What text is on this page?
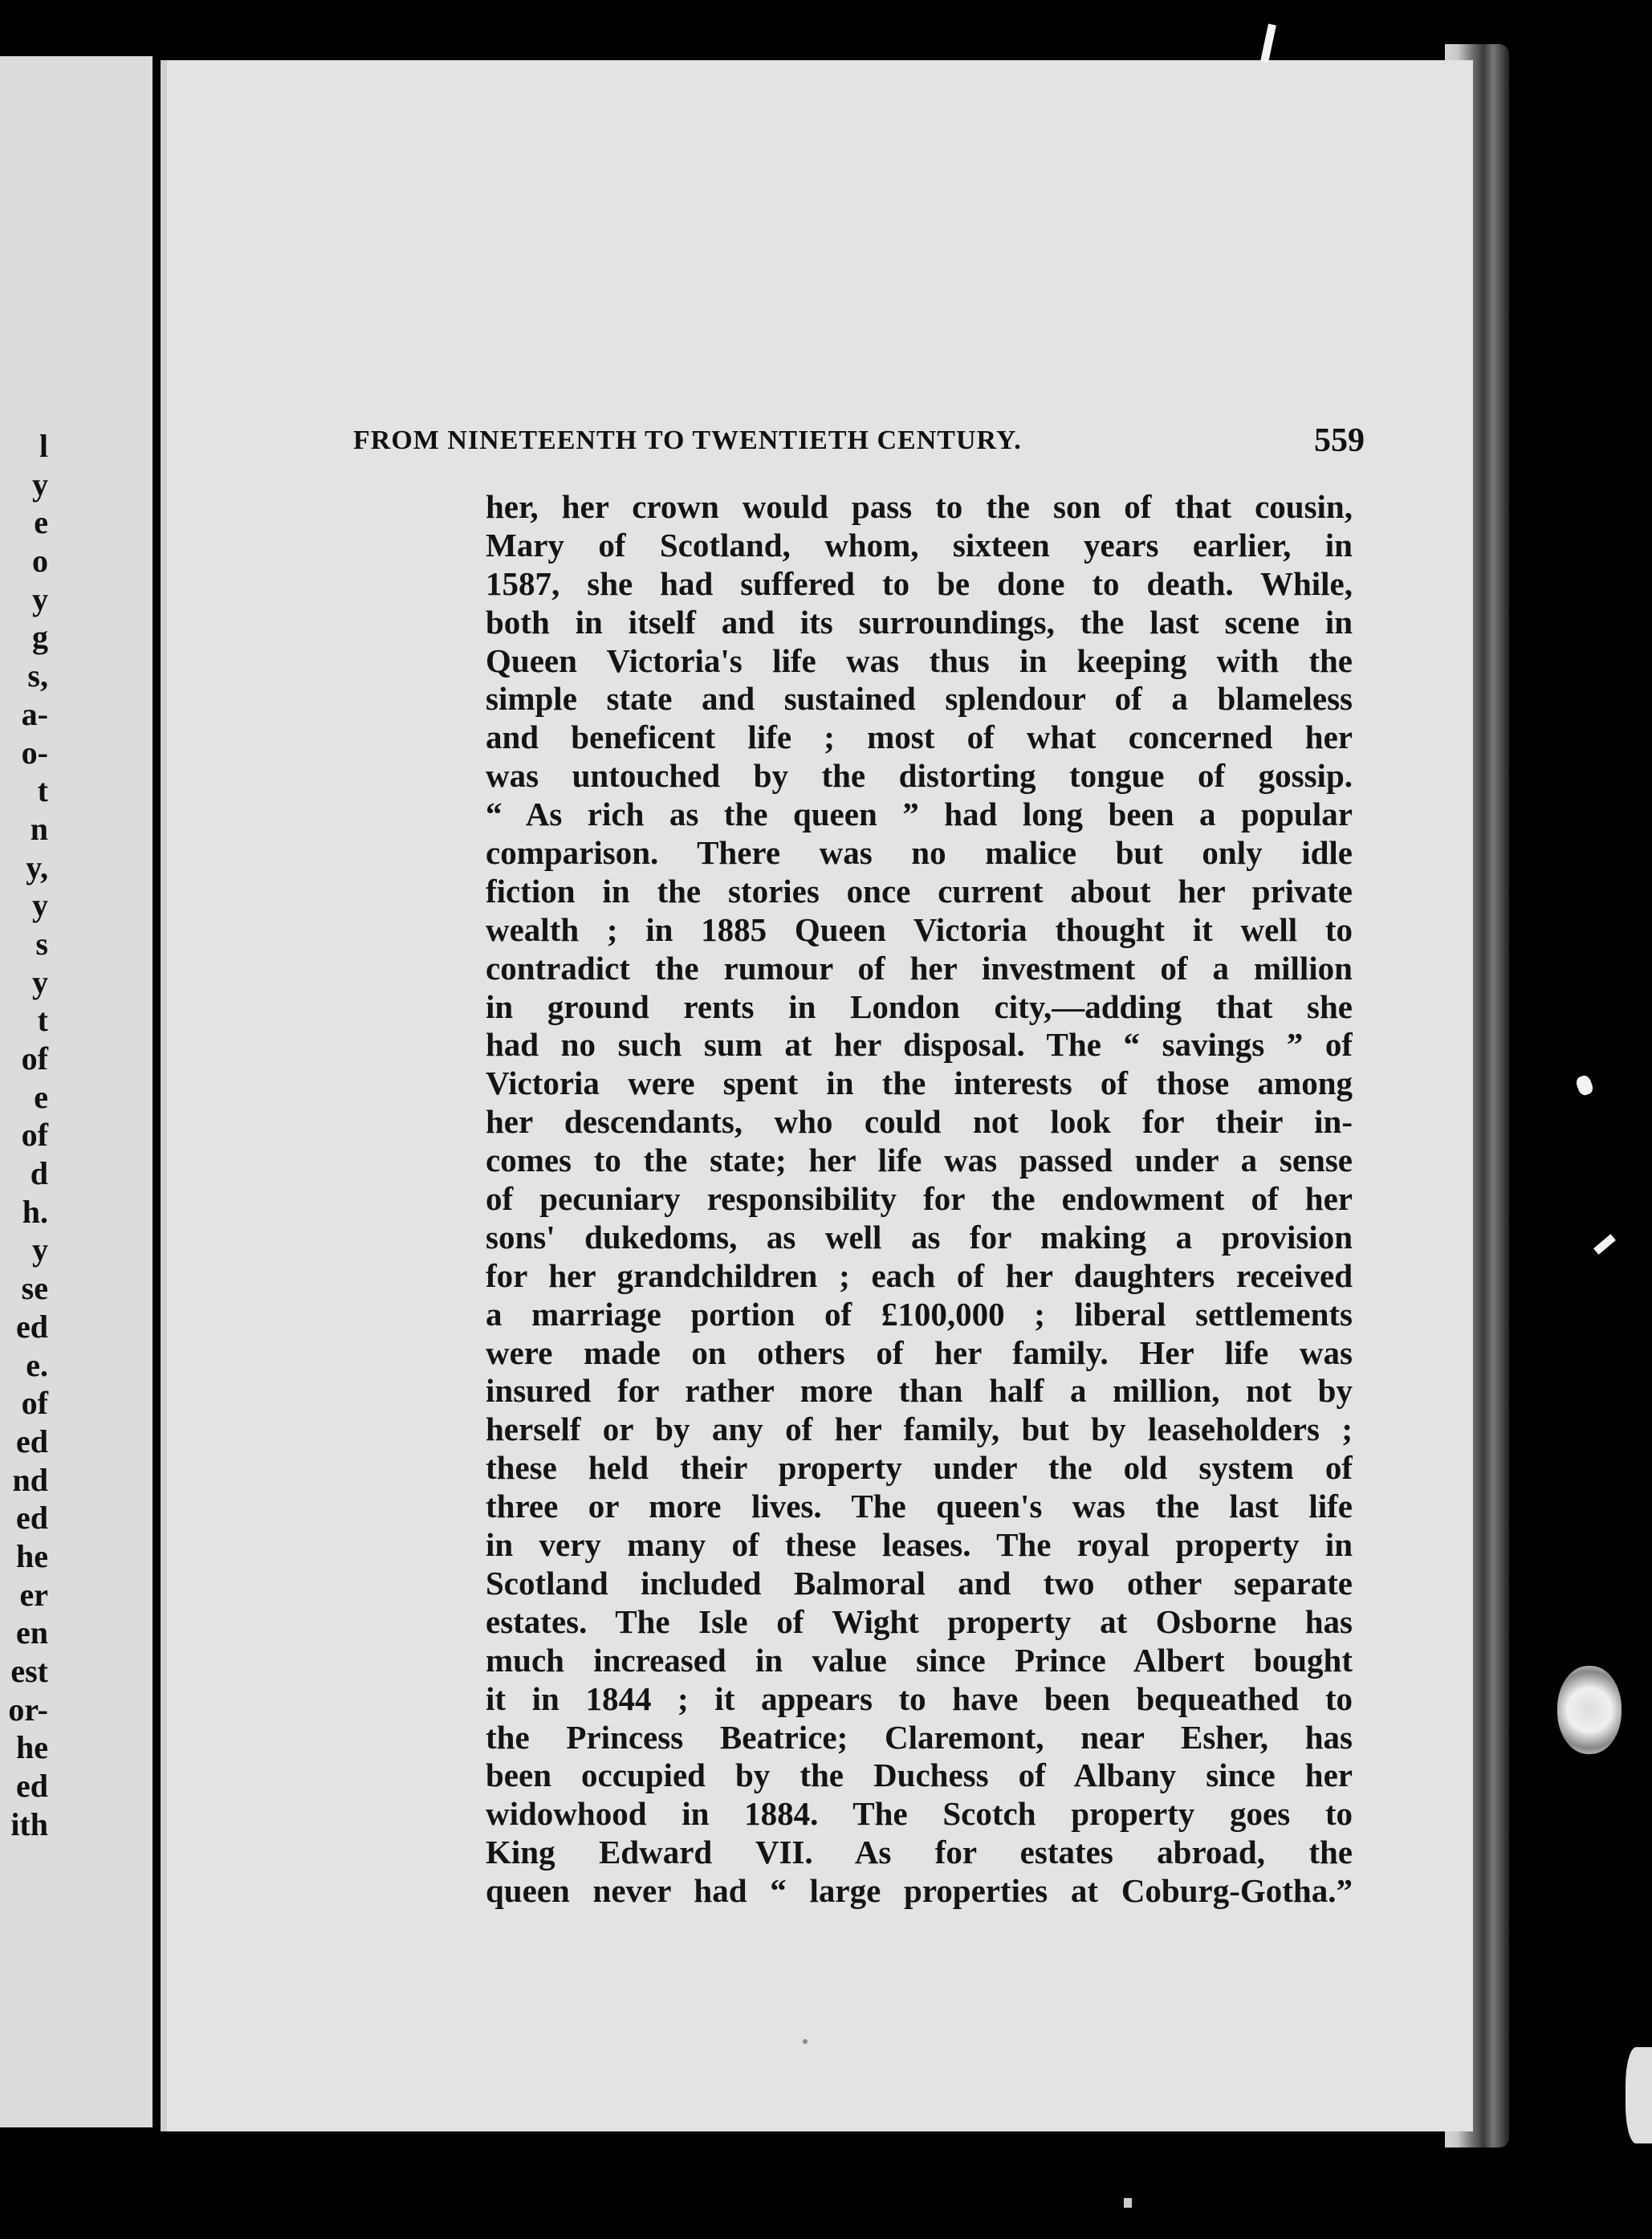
l
y
e
o
y
g
s,
a-
o-
t
n
y,
y
s
y
t
of
e
of
d
h.
y
se
ed
e.
of
ed
nd
ed
he
er
en
est
or-
he
ed
ith
FROM NINETEENTH TO TWENTIETH CENTURY.	559
her, her crown would pass to the son of that cousin,
Mary of Scotland, whom, sixteen years earlier, in
1587, she had suffered to be done to death. While,
both in itself and its surroundings, the last scene in
Queen Victoria's life was thus in keeping with the
simple state and sustained splendour of a blameless
and beneficent life ; most of what concerned her
was untouched by the distorting tongue of gossip.
“ As rich as the queen ” had long been a popular
comparison. There was no malice but only idle
fiction in the stories once current about her private
wealth ; in 1885 Queen Victoria thought it well to
contradict the rumour of her investment of a million
in ground rents in London city,—adding that she
had no such sum at her disposal. The “ savings ” of
Victoria were spent in the interests of those among
her descendants, who could not look for their in-
comes to the state; her life was passed under a sense
of pecuniary responsibility for the endowment of her
sons' dukedoms, as well as for making a provision
for her grandchildren ; each of her daughters received
a marriage portion of £100,000 ; liberal settlements
were made on others of her family. Her life was
insured for rather more than half a million, not by
herself or by any of her family, but by leaseholders ;
these held their property under the old system of
three or more lives. The queen's was the last life
in very many of these leases. The royal property in
Scotland included Balmoral and two other separate
estates. The Isle of Wight property at Osborne has
much increased in value since Prince Albert bought
it in 1844 ; it appears to have been bequeathed to
the Princess Beatrice; Claremont, near Esher, has
been occupied by the Duchess of Albany since her
widowhood in 1884. The Scotch property goes to
King Edward VII. As for estates abroad, the
queen never had “ large properties at Coburg-Gotha.”
